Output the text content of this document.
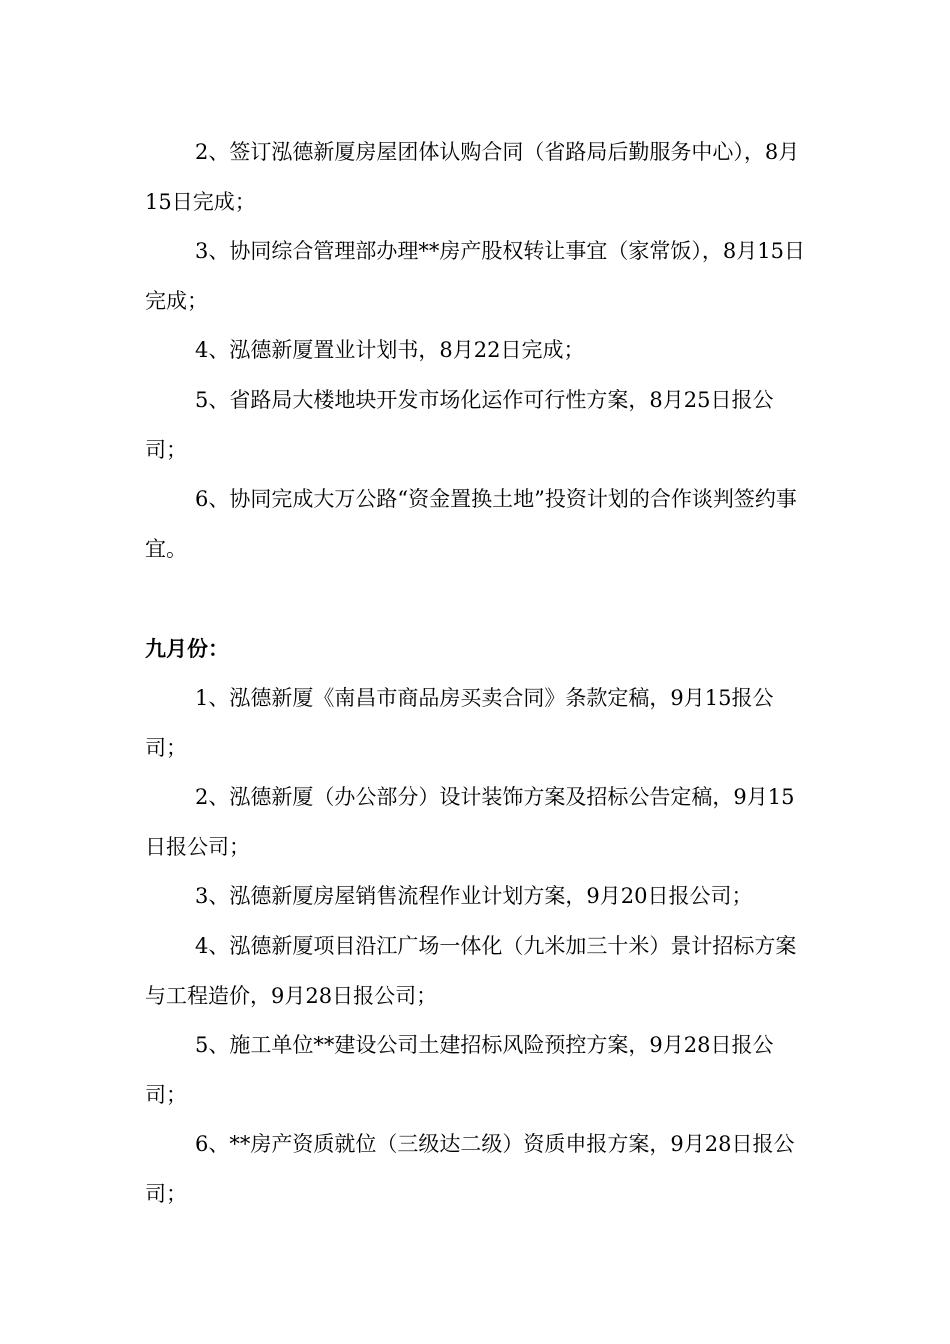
2、签订泓德新厦房屋团体认购合同（省路局后勤服务中心），8月15日完成；

3、协同综合管理部办理**房产股权转让事宜（家常饭），8月15日完成；

4、泓德新厦置业计划书，8月22日完成；

5、省路局大楼地块开发市场化运作可行性方案，8月25日报公司；

6、协同完成大万公路“资金置换土地”投资计划的合作谈判签约事宜。

九月份：

1、泓德新厦《南昌市商品房买卖合同》条款定稿，9月15报公司；

2、泓德新厦（办公部分）设计装饰方案及招标公告定稿，9月15日报公司；

3、泓德新厦房屋销售流程作业计划方案，9月20日报公司；

4、泓德新厦项目沿江广场一体化（九米加三十米）景计招标方案与工程造价，9月28日报公司；

5、施工单位**建设公司土建招标风险预控方案，9月28日报公司；

6、**房产资质就位（三级达二级）资质申报方案，9月28日报公司；
